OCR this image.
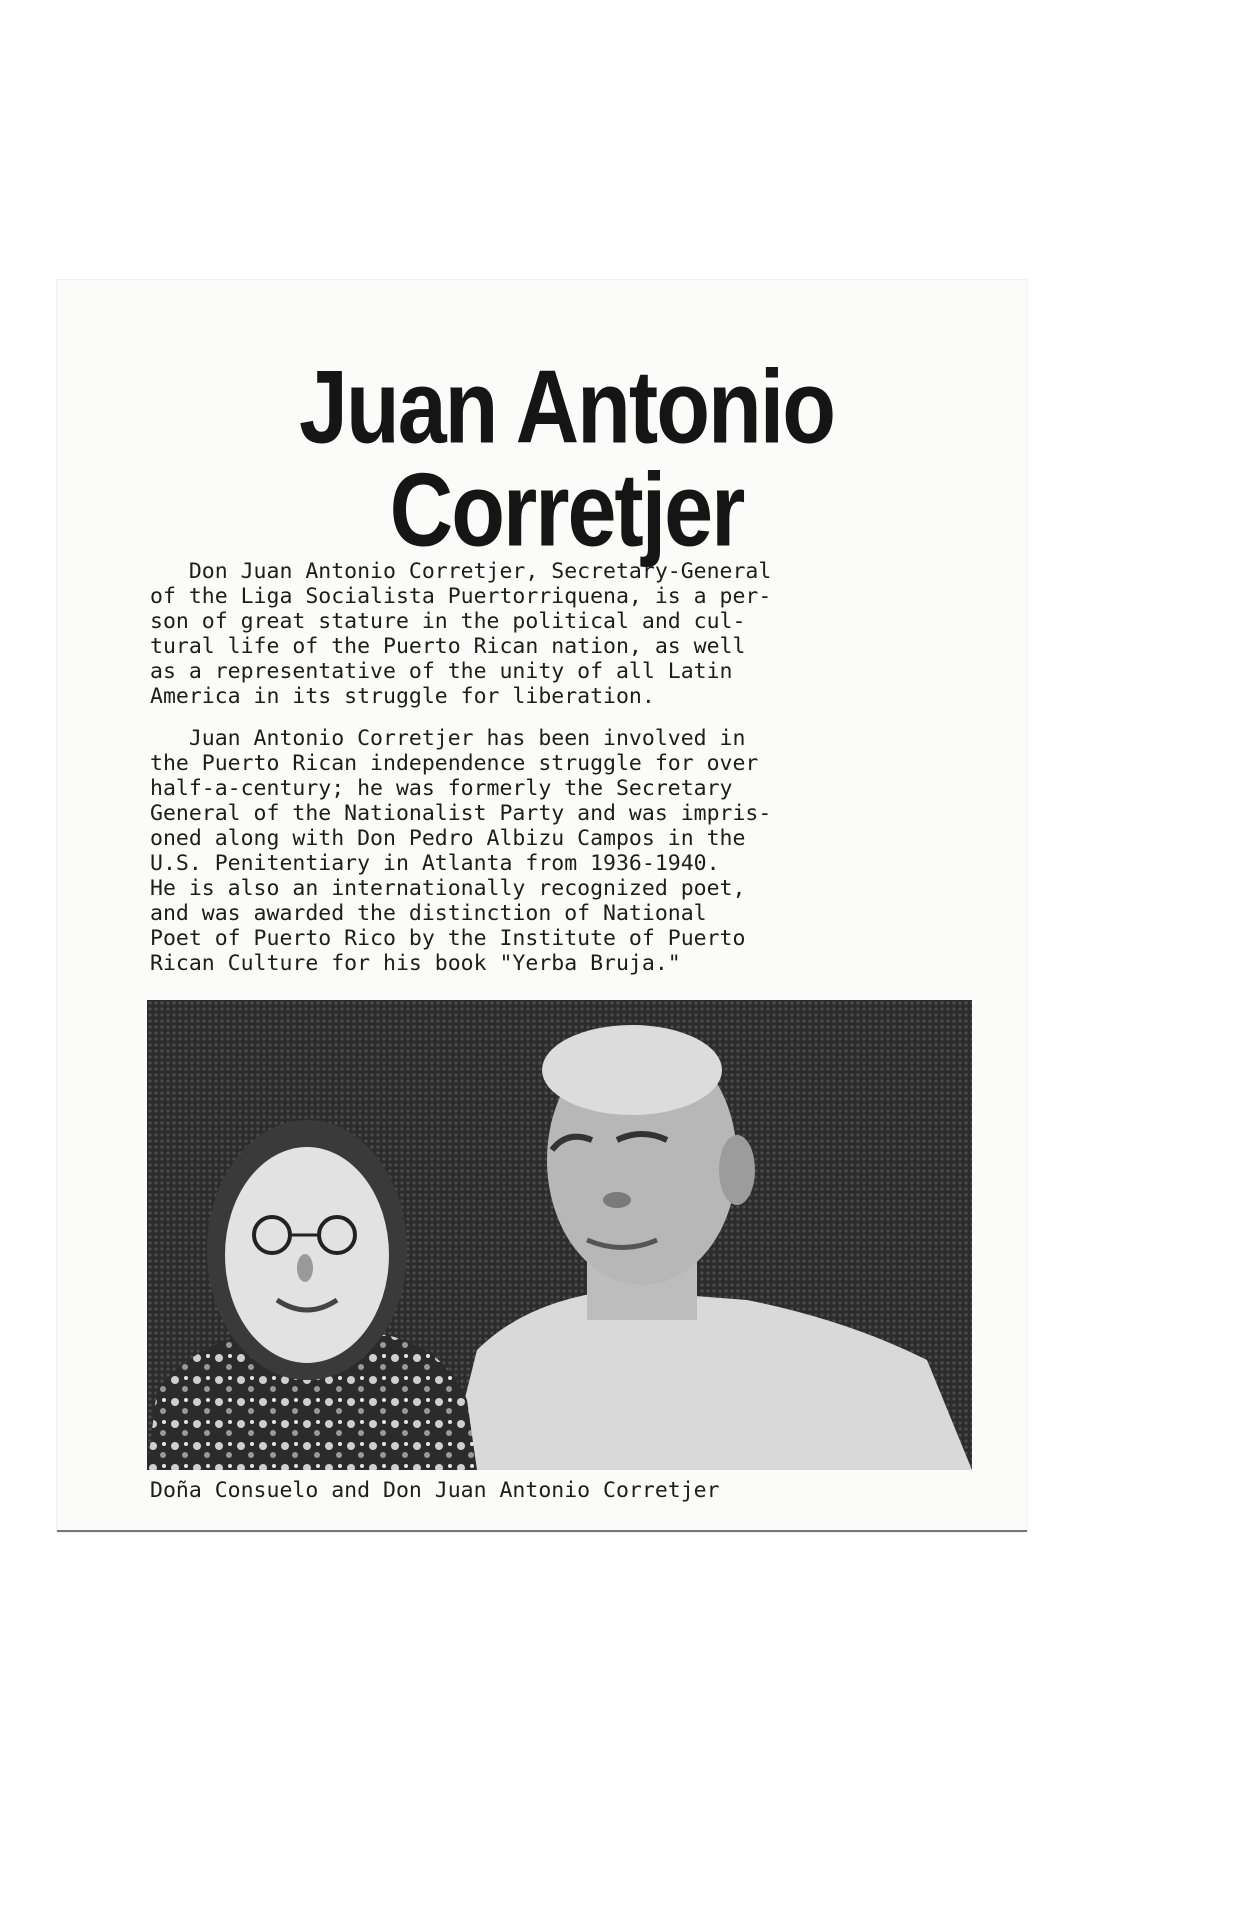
Juan Antonio
Corretjer

Don Juan Antonio Corretjer, Secretary-General
of the Liga Socialista Puertorriquena, is a per-
son of great stature in the political and cul-
tural life of the Puerto Rican nation, as well
as a representative of the unity of all Latin
America in its struggle for liberation.

Juan Antonio Corretjer has been involved in
the Puerto Rican independence struggle for over
half-a-century; he was formerly the Secretary
General of the Nationalist Party and was impris-
oned along with Don Pedro Albizu Campos in the
U.S. Penitentiary in Atlanta from 1936-1940.
He is also an internationally recognized poet,
and was awarded the distinction of National
Poet of Puerto Rico by the Institute of Puerto
Rican Culture for his book "Yerba Bruja."

Doña Consuelo and Don Juan Antonio Corretjer
